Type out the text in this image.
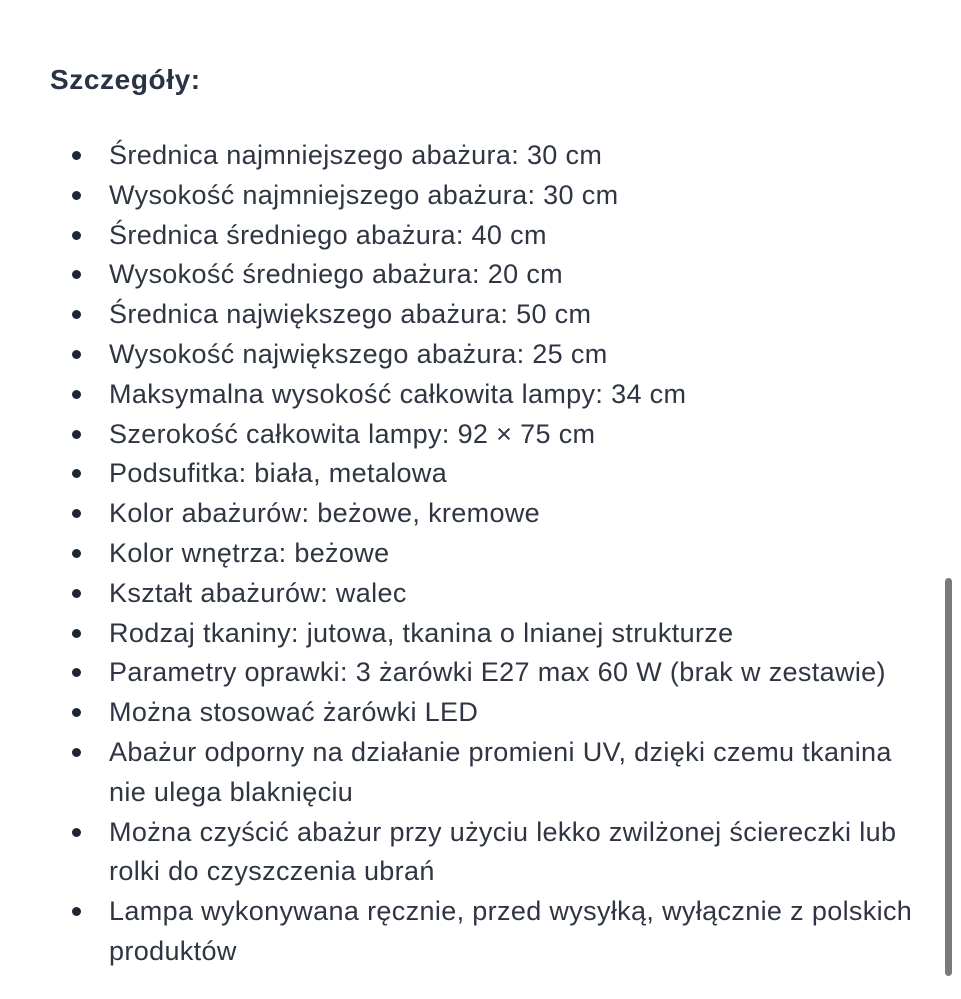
Szczegóły:
Średnica najmniejszego abażura: 30 cm
Wysokość najmniejszego abażura: 30 cm
Średnica średniego abażura: 40 cm
Wysokość średniego abażura: 20 cm
Średnica największego abażura: 50 cm
Wysokość największego abażura: 25 cm
Maksymalna wysokość całkowita lampy: 34 cm
Szerokość całkowita lampy: 92 × 75 cm
Podsufitka: biała, metalowa
Kolor abażurów: beżowe, kremowe
Kolor wnętrza: beżowe
Kształt abażurów: walec
Rodzaj tkaniny: jutowa, tkanina o lnianej strukturze
Parametry oprawki: 3 żarówki E27 max 60 W (brak w zestawie)
Można stosować żarówki LED
Abażur odporny na działanie promieni UV, dzięki czemu tkanina nie ulega blaknięciu
Można czyścić abażur przy użyciu lekko zwilżonej ściereczki lub rolki do czyszczenia ubrań
Lampa wykonywana ręcznie, przed wysyłką, wyłącznie z polskich produktów
